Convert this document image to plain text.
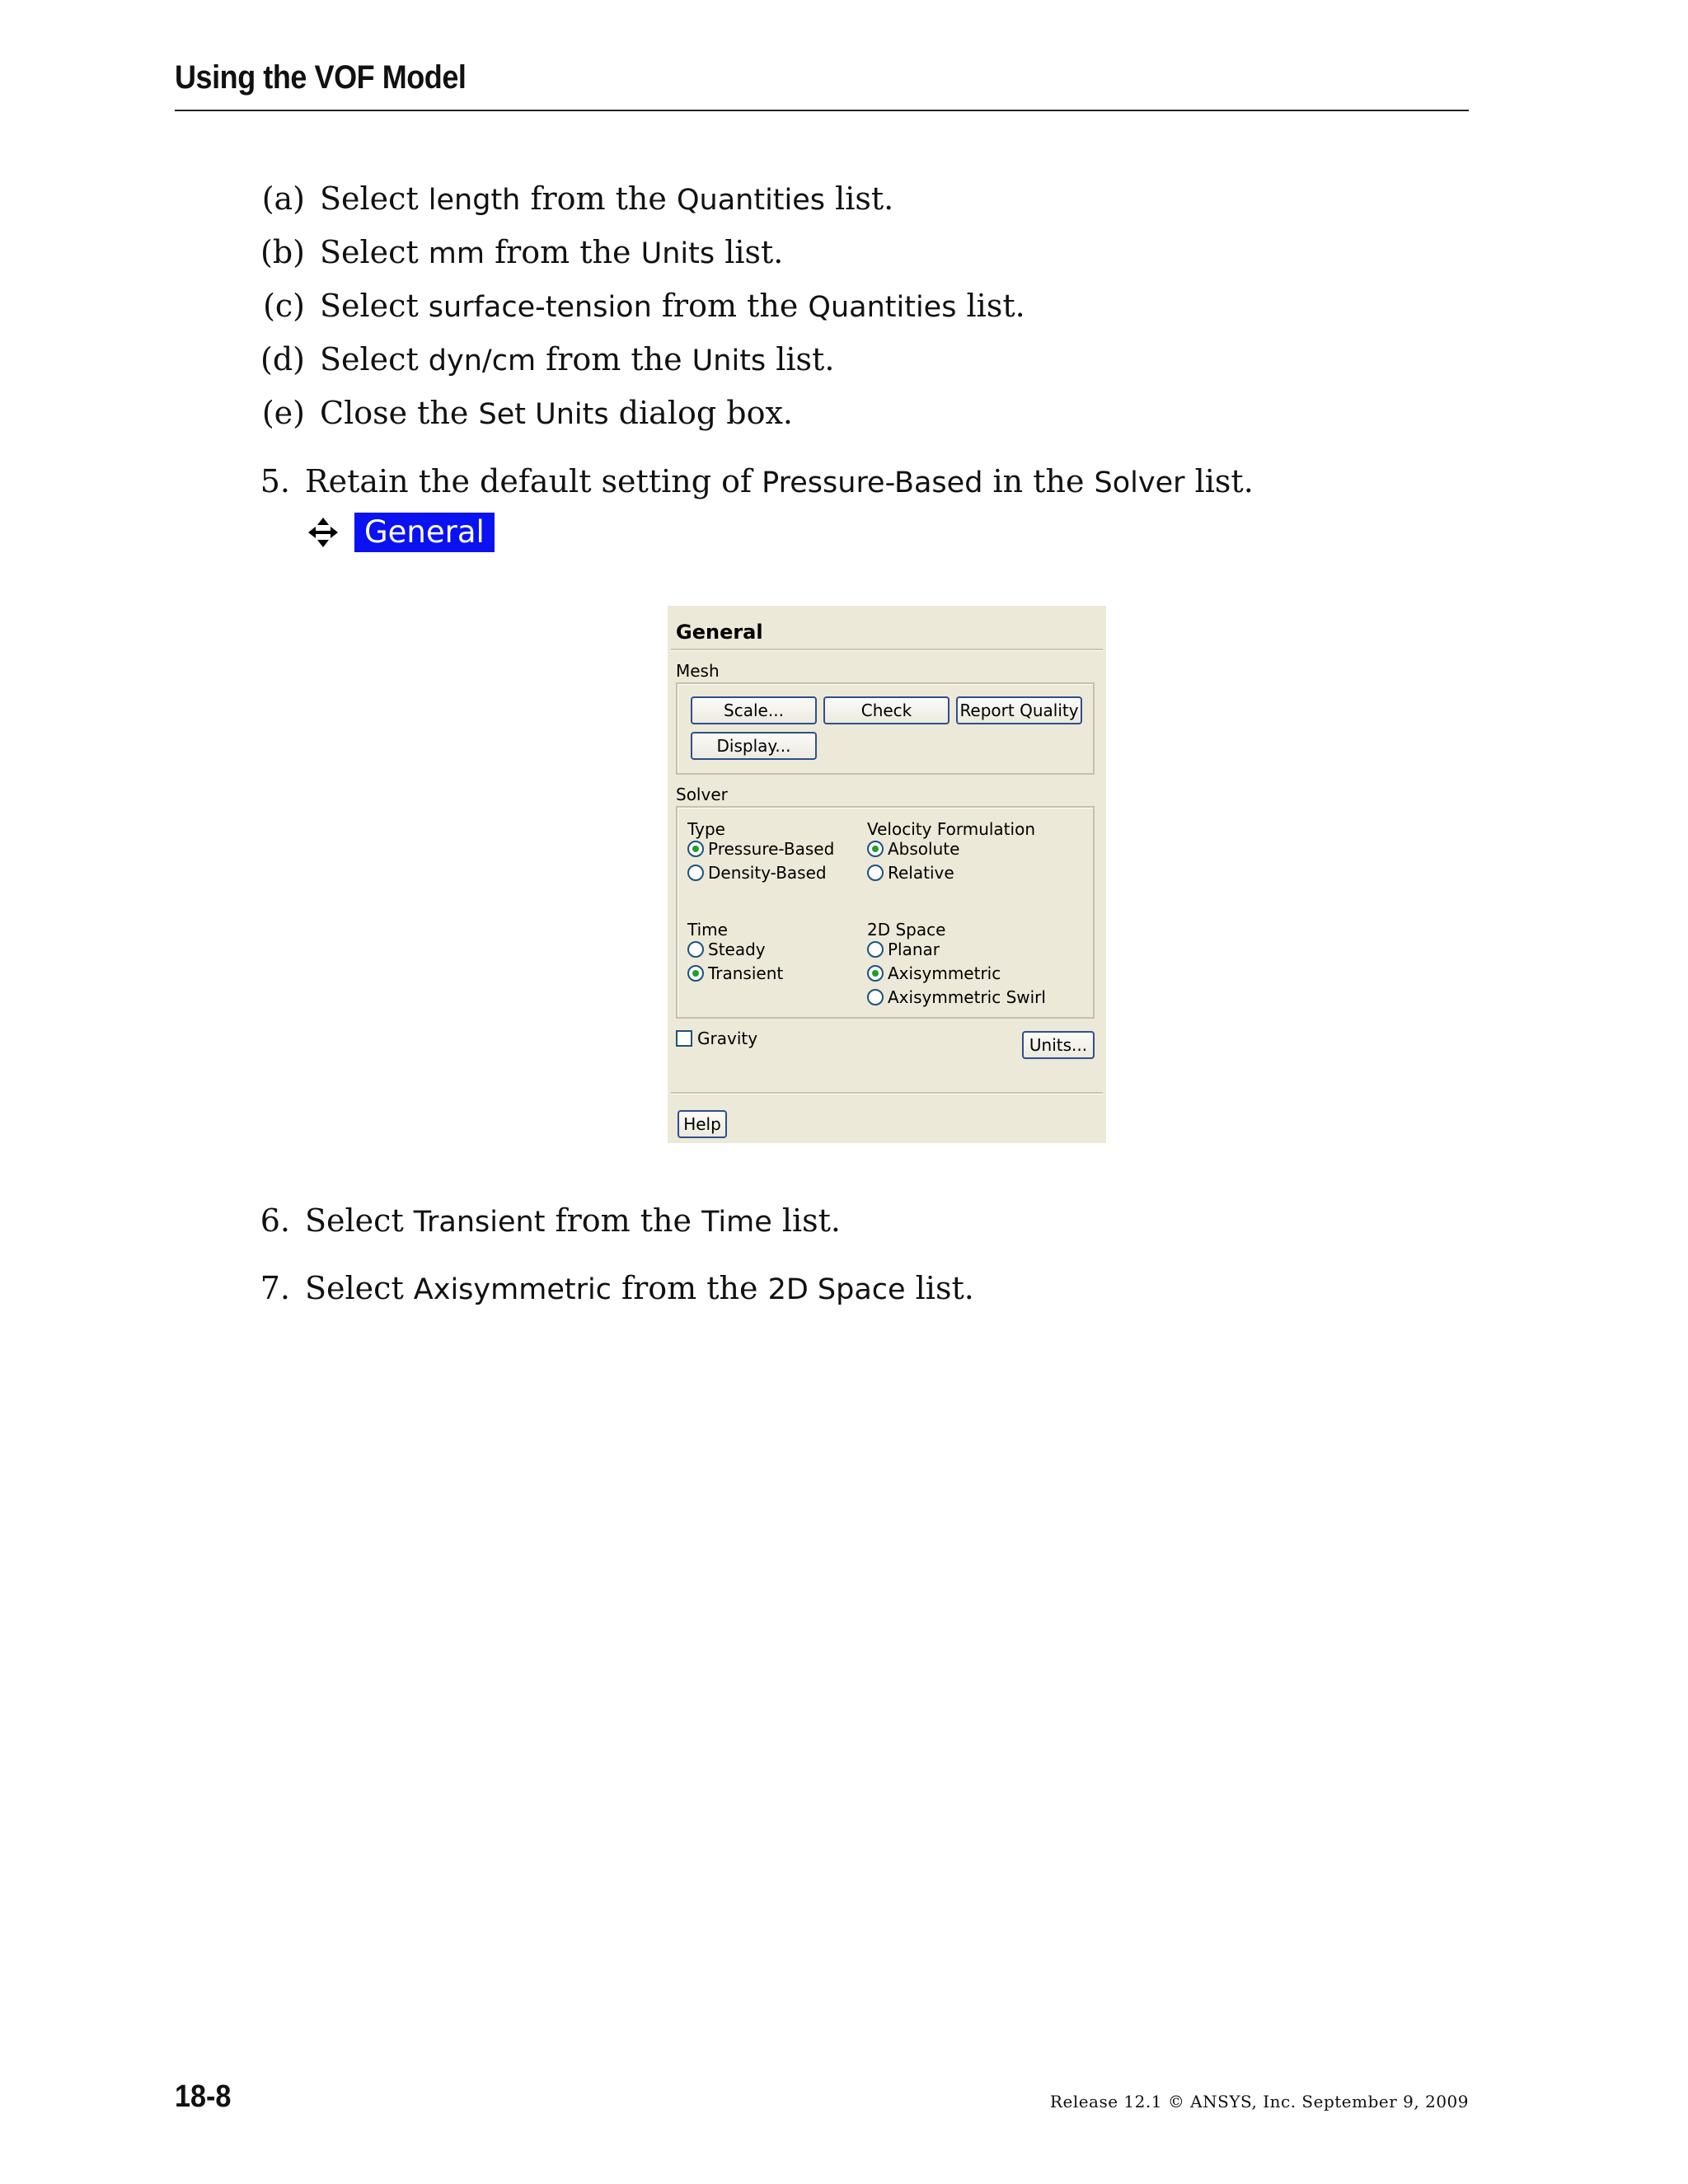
Using the VOF Model
(a) Select length from the Quantities list.
(b) Select mm from the Units list.
(c) Select surface-tension from the Quantities list.
(d) Select dyn/cm from the Units list.
(e) Close the Set Units dialog box.
5. Retain the default setting of Pressure-Based in the Solver list.
General
General
Mesh
Scale...	Check	Report Quality
Display...
Solver
Type
Pressure-Based
Density-Based
Velocity Formulation
Absolute
Relative
Time
Steady
Transient
2D Space
Planar
Axisymmetric
Axisymmetric Swirl
Gravity	Units...
Help
6. Select Transient from the Time list.
7. Select Axisymmetric from the 2D Space list.
18-8	Release 12.1 © ANSYS, Inc. September 9, 2009
